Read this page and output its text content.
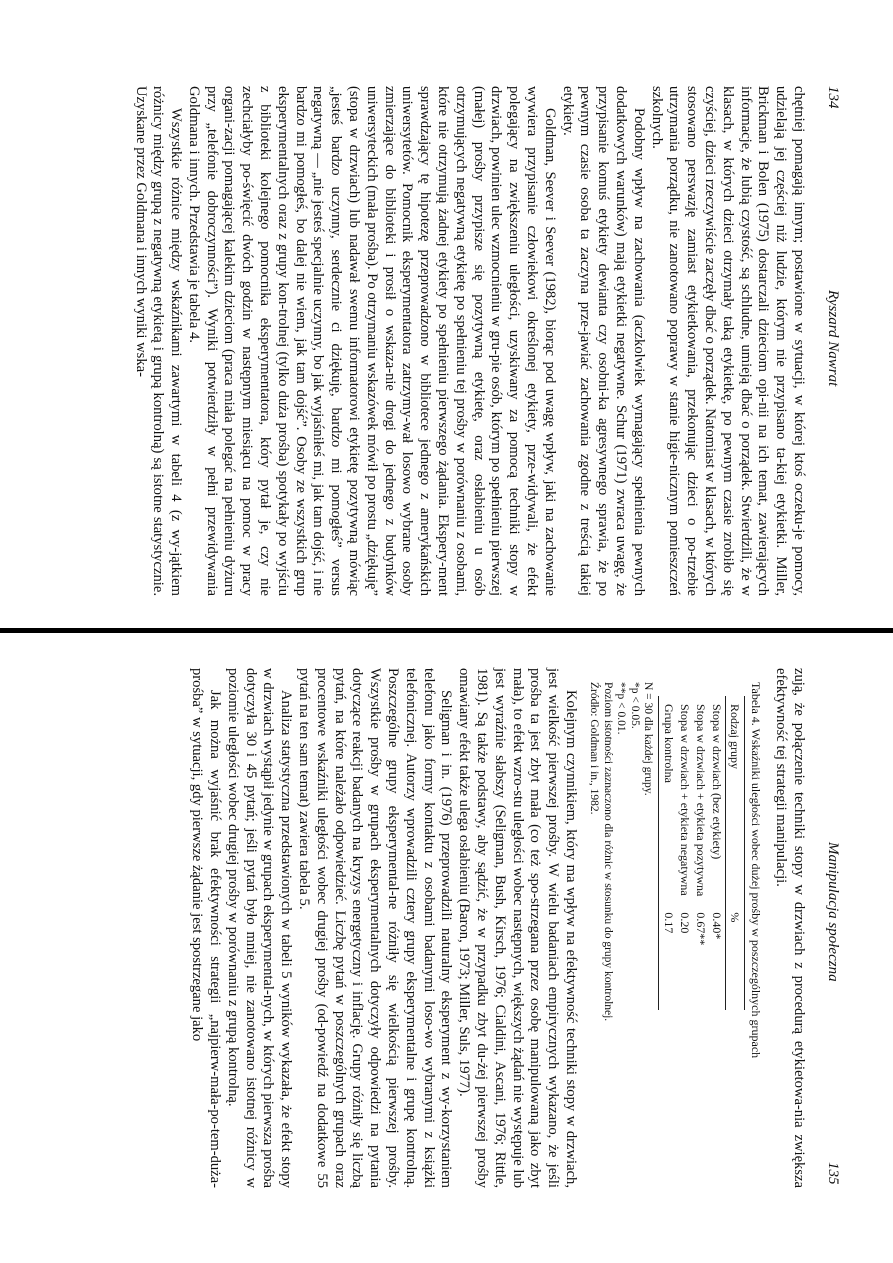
134
Ryszard Nawrat

chętniej pomagają innym; postawione w sytuacji, w której ktoś oczeku-je pomocy, udzielają jej częściej niż ludzie, którym nie przypisano ta-kiej etykietki. Miller, Brickman i Bolen (1975) dostarczali dzieciom opi-nii na ich temat, zawierających informacje, że lubią czystość, są schludne, umieją dbać o porządek. Stwierdzili, że w klasach, w których dzieci otrzymały taką etykietkę, po pewnym czasie zrobiło się czyściej, dzieci rzeczywiście zaczęły dbać o porządek. Natomiast w klasach, w których stosowano perswazję zamiast etykietkowania, przekonując dzieci o po-trzebie utrzymania porządku, nie zanotowano poprawy w stanie higie-nicznym pomieszczeń szkolnych.

Podobny wpływ na zachowania (aczkolwiek wymagający spełnienia pewnych dodatkowych warunków) mają etykietki negatywne. Schur (1971) zwraca uwagę, że przypisanie komuś etykiety dewianta czy osobni-ka agresywnego sprawia, że po pewnym czasie osoba ta zaczyna prze-jawiać zachowania zgodne z treścią takiej etykiety.

Goldman, Seever i Seever (1982), biorąc pod uwagę wpływ, jaki na zachowanie wywiera przypisanie człowiekowi określonej etykiety, prze-widywali, że efekt polegający na zwiększeniu uległości, uzyskiwany za pomocą techniki stopy w drzwiach, powinien ulec wzmocnieniu w gru-pie osób, którym po spełnieniu pierwszej (małej) prośby przypisze się pozytywną etykietę, oraz osłabieniu u osób otrzymujących negatywną etykietę po spełnieniu tej prośby w porównaniu z osobami, które nie otrzymują żadnej etykiety po spełnieniu pierwszego żądania. Ekspery-ment sprawdzający tę hipotezę przeprowadzono w bibliotece jednego z amerykańskich uniwersytetów. Pomocnik eksperymentatora zatrzymy-wał losowo wybrane osoby zmierzające do biblioteki i prosił o wskaza-nie drogi do jednego z budynków uniwersyteckich (mała prośba). Po otrzymaniu wskazówek mówił po prostu „dziękuję” (stopa w drzwiach) lub nadawał swemu informatorowi etykietę pozytywną mówiąc „jesteś bardzo uczynny, serdecznie ci dziękuję, bardzo mi pomogłeś” versus negatywną — „nie jesteś specjalnie uczynny, bo jak wyjaśniłeś mi, jak tam dojść, i nie bardzo mi pomogłeś, bo dalej nie wiem, jak tam dojść”. Osoby ze wszystkich grup eksperymentalnych oraz z grupy kon-trolnej (tylko duża prośba) spotykały po wyjściu z biblioteki kolejnego pomocnika eksperymentatora, który pytał je, czy nie zechciałyby po-święcić dwóch godzin w następnym miesiącu na pomoc w pracy organi-zacji pomagającej kalekim dzieciom (praca miała polegać na pełnieniu dyżuru przy „telefonie dobroczynności”). Wyniki potwierdziły w pełni przewidywania Goldmana i innych. Przedstawia je tabela 4.

Wszystkie różnice między wskaźnikami zawartymi w tabeli 4 (z wy-jątkiem różnicy między grupą z negatywną etykietą i grupą kontrolną) są istotne statystycznie. Uzyskane przez Goldmana i innych wyniki wska-

Manipulacja społeczna
135

zują, że połączenie techniki stopy w drzwiach z procedurą etykietowa-nia zwiększa efektywność tej strategii manipulacji.

Tabela 4. Wskaźniki uległości wobec dużej prośby w poszczególnych grupach
Rodzaj grupy	%
Stopa w drzwiach (bez etykiety)	0.40*
Stopa w drzwiach + etykieta pozytywna	0.67**
Stopa w drzwiach + etykieta negatywna	0.20
Grupa kontrolna	0.17
N = 30 dla każdej grupy.
*p < 0.05.
**p < 0.01.
Poziom istotności zaznaczono dla różnic w stosunku do grupy kontrolnej.
Źródło: Goldman i in., 1982.

Kolejnym czynnikiem, który ma wpływ na efektywność techniki stopy w drzwiach, jest wielkość pierwszej prośby. W wielu badaniach empirycznych wykazano, że jeśli prośba ta jest zbyt mała (co też spo-strzegana przez osobę manipulowaną jako zbyt mała), to efekt wzro-stu uległości wobec następnych, większych żądań nie występuje lub jest wyraźnie słabszy (Seligman, Bush, Kirsch, 1976; Cialdini, Ascani, 1976; Rittle, 1981). Są także podstawy, aby sądzić, że w przypadku zbyt du-żej pierwszej prośby omawiany efekt także ulega osłabieniu (Baron, 1973; Miller, Suls, 1977).

Seligman i in. (1976) przeprowadzili naturalny eksperyment z wy-korzystaniem telefonu jako formy kontaktu z osobami badanymi loso-wo wybranymi z książki telefonicznej. Autorzy wprowadzili cztery grupy eksperymentalne i grupę kontrolną. Poszczególne grupy eksperymental-ne różniły się wielkością pierwszej prośby. Wszystkie prośby w grupach eksperymentalnych dotyczyły odpowiedzi na pytania dotyczące reakcji badanych na kryzys energetyczny i inflację. Grupy różniły się liczbą pytań, na które należało odpowiedzieć. Liczbę pytań w poszczególnych grupach oraz procentowe wskaźniki uległości wobec drugiej prośby (od-powiedź na dodatkowe 55 pytań na ten sam temat) zawiera tabela 5.

Analiza statystyczna przedstawionych w tabeli 5 wyników wykazała, że efekt stopy w drzwiach wystąpił jedynie w grupach eksperymental-nych, w których pierwsza prośba dotyczyła 30 i 45 pytań; jeśli pytań było mniej, nie zanotowano istotnej różnicy w poziomie uległości wobec drugiej prośby w porównaniu z grupą kontrolną.

Jak można wyjaśnić brak efektywności strategii „najpierw-mała-po-tem-duża-prośba” w sytuacji, gdy pierwsze żądanie jest spostrzegane jako
